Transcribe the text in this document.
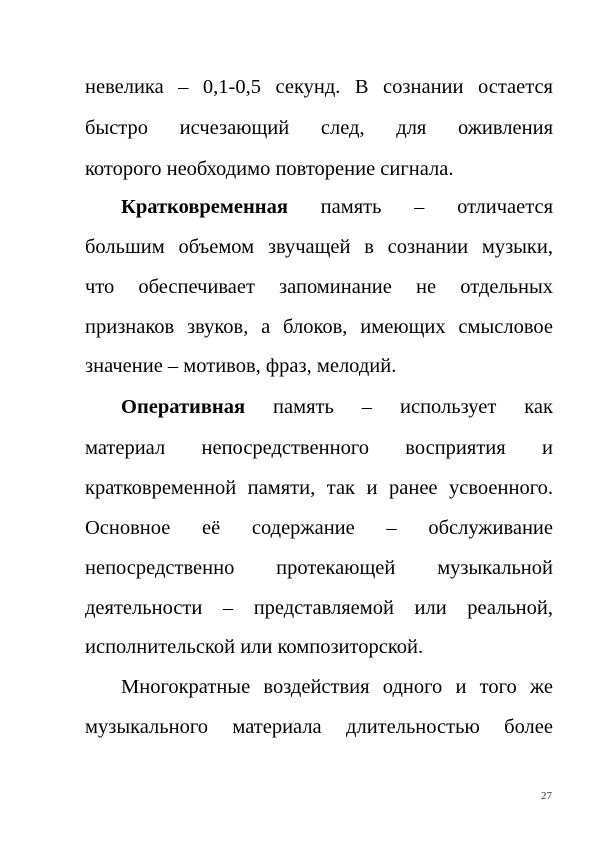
невелика – 0,1-0,5 секунд. В сознании остается
быстро исчезающий след, для оживления
которого необходимо повторение сигнала.
Кратковременная память – отличается
большим объемом звучащей в сознании музыки,
что обеспечивает запоминание не отдельных
признаков звуков, а блоков, имеющих смысловое
значение – мотивов, фраз, мелодий.
Оперативная память – использует как
материал непосредственного восприятия и
кратковременной памяти, так и ранее усвоенного.
Основное её содержание – обслуживание
непосредственно протекающей музыкальной
деятельности – представляемой или реальной,
исполнительской или композиторской.
Многократные воздействия одного и того же
музыкального материала длительностью более
27
